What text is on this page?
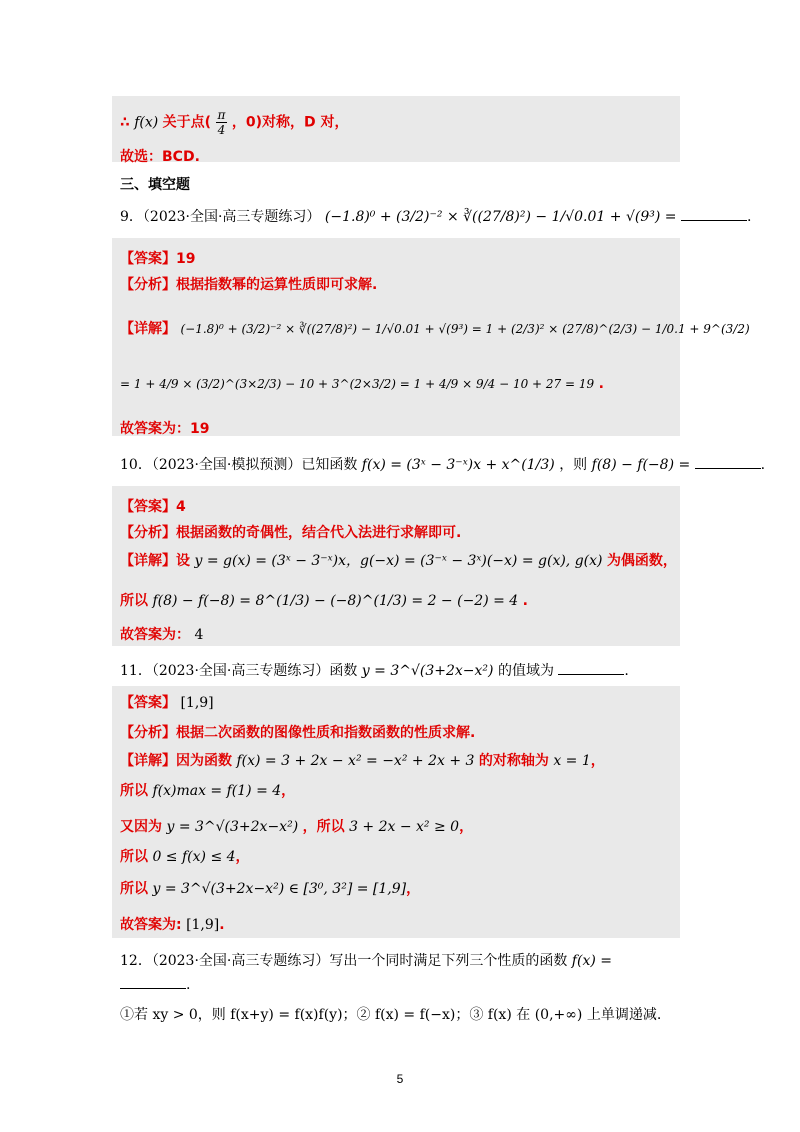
∴ f(x) 关于点( $\frac{\pi}{4}$ ，0)对称，D 对，
故选：BCD.
三、填空题
9．（2023·全国·高三专题练习） (−1.8)⁰ + (3/2)⁻² × ∛((27/8)²) − 1/√0.01 + √(9³) =	.
【答案】19
【分析】根据指数幂的运算性质即可求解.
【详解】 (−1.8)⁰ + (3/2)⁻² × ∛((27/8)²) − 1/√0.01 + √(9³) = 1 + (2/3)² × (27/8)^(2/3) − 1/0.1 + 9^(3/2)
= 1 + 4/9 × (3/2)^(3×2/3) − 10 + 3^(2×3/2) = 1 + 4/9 × 9/4 − 10 + 27 = 19 .
故答案为：19
10．（2023·全国·模拟预测）已知函数 f(x) = (3ˣ − 3⁻ˣ)x + x^(1/3) ，则 f(8) − f(−8) =	.
【答案】4
【分析】根据函数的奇偶性，结合代入法进行求解即可.
【详解】设 y = g(x) = (3ˣ − 3⁻ˣ)x，g(−x) = (3⁻ˣ − 3ˣ)(−x) = g(x), g(x) 为偶函数，
所以 f(8) − f(−8) = 8^(1/3) − (−8)^(1/3) = 2 − (−2) = 4 .
故答案为： 4
11．（2023·全国·高三专题练习）函数 y = 3^√(3+2x−x²) 的值域为	.
【答案】 [1,9]
【分析】根据二次函数的图像性质和指数函数的性质求解.
【详解】因为函数 f(x) = 3 + 2x − x² = −x² + 2x + 3 的对称轴为 x = 1，
所以 f(x)max = f(1) = 4，
又因为 y = 3^√(3+2x−x²) ，所以 3 + 2x − x² ≥ 0，
所以 0 ≤ f(x) ≤ 4，
所以 y = 3^√(3+2x−x²) ∈ [3⁰, 3²] = [1,9]，
故答案为: [1,9].
12．（2023·全国·高三专题练习）写出一个同时满足下列三个性质的函数 f(x) =
.
①若 xy > 0，则 f(x+y) = f(x)f(y)；② f(x) = f(−x)；③ f(x) 在 (0,+∞) 上单调递减.
5
